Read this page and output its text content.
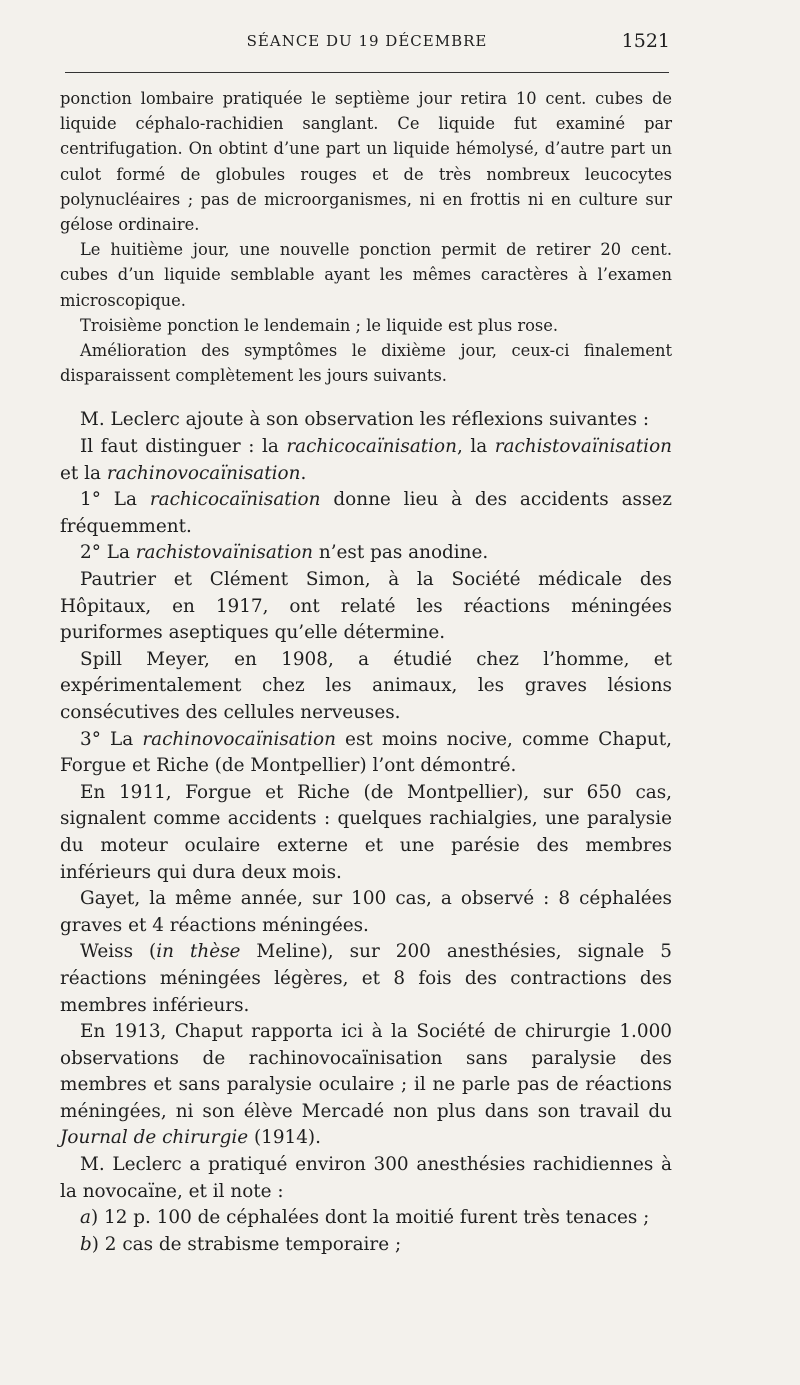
SÉANCE DU 19 DÉCEMBRE	1521

ponction lombaire pratiquée le septième jour retira 10 cent. cubes de liquide céphalo-rachidien sanglant. Ce liquide fut examiné par centrifugation. On obtint d’une part un liquide hémolysé, d’autre part un culot formé de globules rouges et de très nombreux leucocytes polynucléaires ; pas de microorganismes, ni en frottis ni en culture sur gélose ordinaire.

Le huitième jour, une nouvelle ponction permit de retirer 20 cent. cubes d’un liquide semblable ayant les mêmes caractères à l’examen microscopique.

Troisième ponction le lendemain ; le liquide est plus rose.

Amélioration des symptômes le dixième jour, ceux-ci finalement disparaissent complètement les jours suivants.

M. Leclerc ajoute à son observation les réflexions suivantes :

Il faut distinguer : la rachicocaïnisation, la rachistovaïnisation et la rachinovocaïnisation.

1° La rachicocaïnisation donne lieu à des accidents assez fréquemment.

2° La rachistovaïnisation n’est pas anodine.

Pautrier et Clément Simon, à la Société médicale des Hôpitaux, en 1917, ont relaté les réactions méningées puriformes aseptiques qu’elle détermine.

Spill Meyer, en 1908, a étudié chez l’homme, et expérimentalement chez les animaux, les graves lésions consécutives des cellules nerveuses.

3° La rachinovocaïnisation est moins nocive, comme Chaput, Forgue et Riche (de Montpellier) l’ont démontré.

En 1911, Forgue et Riche (de Montpellier), sur 650 cas, signalent comme accidents : quelques rachialgies, une paralysie du moteur oculaire externe et une parésie des membres inférieurs qui dura deux mois.

Gayet, la même année, sur 100 cas, a observé : 8 céphalées graves et 4 réactions méningées.

Weiss (in thèse Meline), sur 200 anesthésies, signale 5 réactions méningées légères, et 8 fois des contractions des membres inférieurs.

En 1913, Chaput rapporta ici à la Société de chirurgie 1.000 observations de rachinovocaïnisation sans paralysie des membres et sans paralysie oculaire ; il ne parle pas de réactions méningées, ni son élève Mercadé non plus dans son travail du Journal de chirurgie (1914).

M. Leclerc a pratiqué environ 300 anesthésies rachidiennes à la novocaïne, et il note :

a) 12 p. 100 de céphalées dont la moitié furent très tenaces ;

b) 2 cas de strabisme temporaire ;
